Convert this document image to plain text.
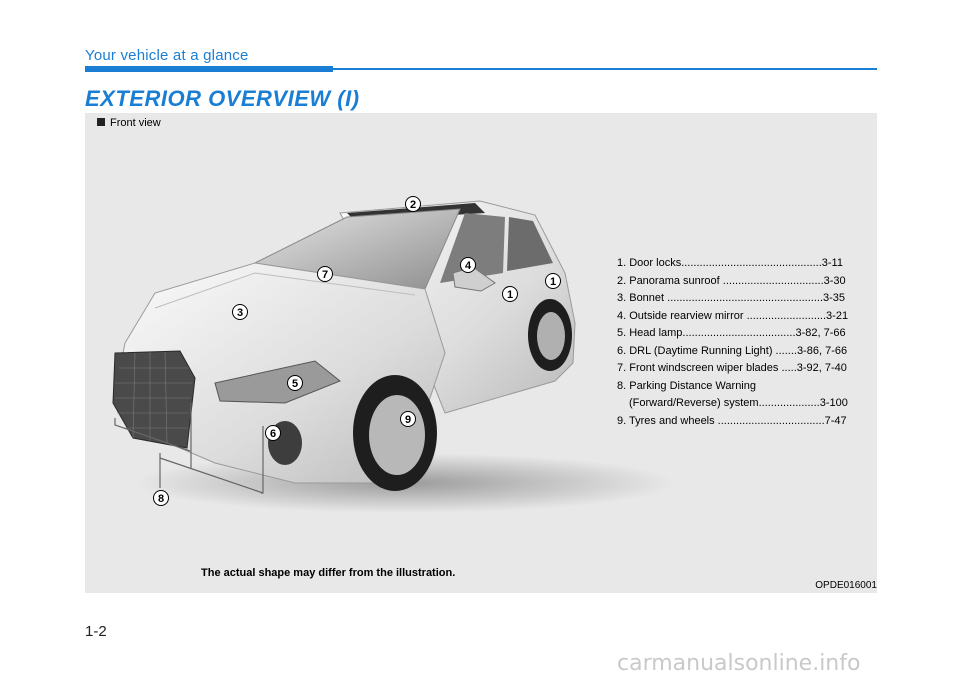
Your vehicle at a glance
EXTERIOR OVERVIEW (I)
Front view
1
1
2
3
4
5
6
7
8
9
1. Door locks..............................................3-11
2. Panorama sunroof .................................3-30
3. Bonnet ...................................................3-35
4. Outside rearview mirror ..........................3-21
5. Head lamp.....................................3-82, 7-66
6. DRL (Daytime Running Light) .......3-86, 7-66
7. Front windscreen wiper blades .....3-92, 7-40
8. Parking Distance Warning
(Forward/Reverse) system....................3-100
9. Tyres and wheels ...................................7-47
The actual shape may differ from the illustration.
OPDE016001
1-2
carmanualsonline.info
